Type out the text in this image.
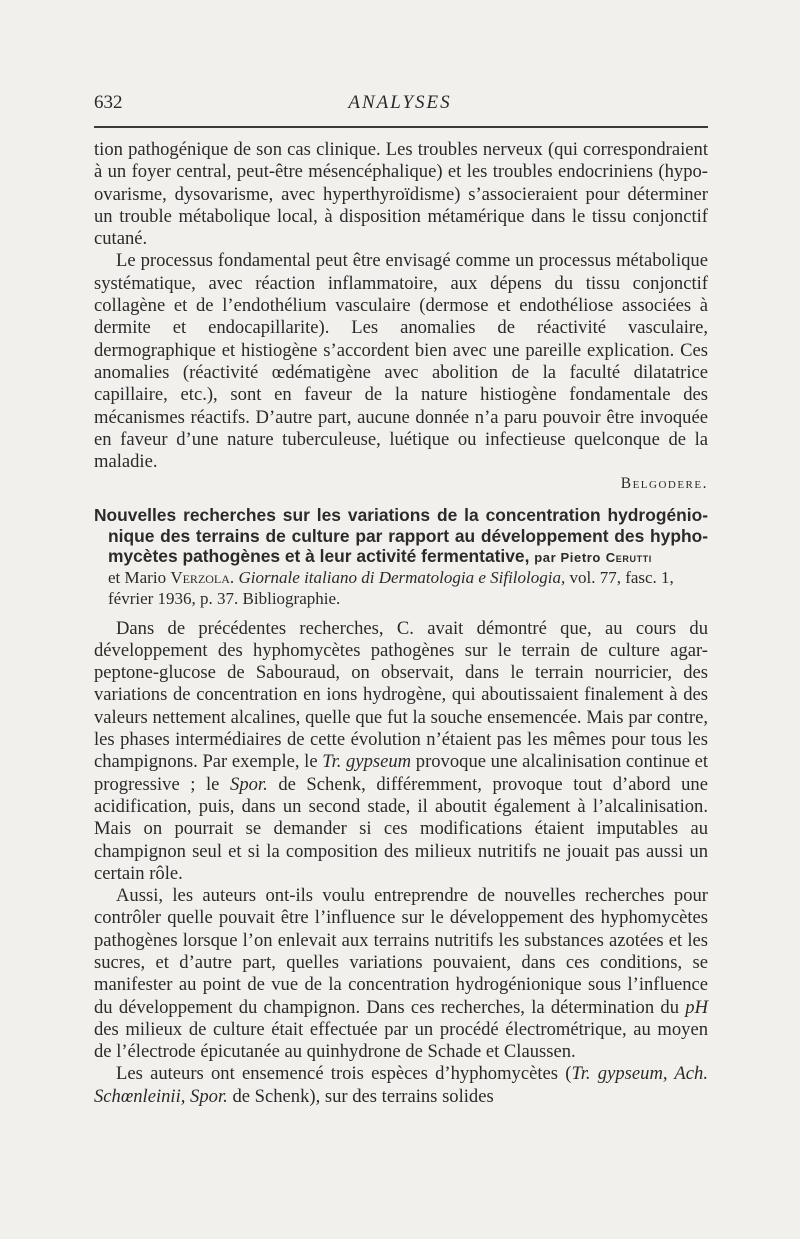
632	ANALYSES

tion pathogénique de son cas clinique. Les troubles nerveux (qui correspondraient à un foyer central, peut-être mésencéphalique) et les troubles endocriniens (hypo-ovarisme, dysovarisme, avec hyperthyroïdisme) s’associeraient pour déterminer un trouble métabolique local, à disposition métamérique dans le tissu conjonctif cutané.

Le processus fondamental peut être envisagé comme un processus métabolique systématique, avec réaction inflammatoire, aux dépens du tissu conjonctif collagène et de l’endothélium vasculaire (dermose et endothéliose associées à dermite et endocapillarite). Les anomalies de réactivité vasculaire, dermographique et histiogène s’accordent bien avec une pareille explication. Ces anomalies (réactivité œdématigène avec abolition de la faculté dilatatrice capillaire, etc.), sont en faveur de la nature histiogène fondamentale des mécanismes réactifs. D’autre part, aucune donnée n’a paru pouvoir être invoquée en faveur d’une nature tuberculeuse, luétique ou infectieuse quelconque de la maladie.

Belgodere.

Nouvelles recherches sur les variations de la concentration hydrogénionique des terrains de culture par rapport au développement des hyphomycètes pathogènes et à leur activité fermentative, par Pietro Cerutti

et Mario Verzola. Giornale italiano di Dermatologia e Sifilologia, vol. 77, fasc. 1, février 1936, p. 37. Bibliographie.

Dans de précédentes recherches, C. avait démontré que, au cours du développement des hyphomycètes pathogènes sur le terrain de culture agar-peptone-glucose de Sabouraud, on observait, dans le terrain nourricier, des variations de concentration en ions hydrogène, qui aboutissaient finalement à des valeurs nettement alcalines, quelle que fut la souche ensemencée. Mais par contre, les phases intermédiaires de cette évolution n’étaient pas les mêmes pour tous les champignons. Par exemple, le Tr. gypseum provoque une alcalinisation continue et progressive ; le Spor. de Schenk, différemment, provoque tout d’abord une acidification, puis, dans un second stade, il aboutit également à l’alcalinisation. Mais on pourrait se demander si ces modifications étaient imputables au champignon seul et si la composition des milieux nutritifs ne jouait pas aussi un certain rôle.

Aussi, les auteurs ont-ils voulu entreprendre de nouvelles recherches pour contrôler quelle pouvait être l’influence sur le développement des hyphomycètes pathogènes lorsque l’on enlevait aux terrains nutritifs les substances azotées et les sucres, et d’autre part, quelles variations pouvaient, dans ces conditions, se manifester au point de vue de la concentration hydrogénionique sous l’influence du développement du champignon. Dans ces recherches, la détermination du pH des milieux de culture était effectuée par un procédé électrométrique, au moyen de l’électrode épicutanée au quinhydrone de Schade et Claussen.

Les auteurs ont ensemencé trois espèces d’hyphomycètes (Tr. gypseum, Ach. Schœnleinii, Spor. de Schenk), sur des terrains solides
